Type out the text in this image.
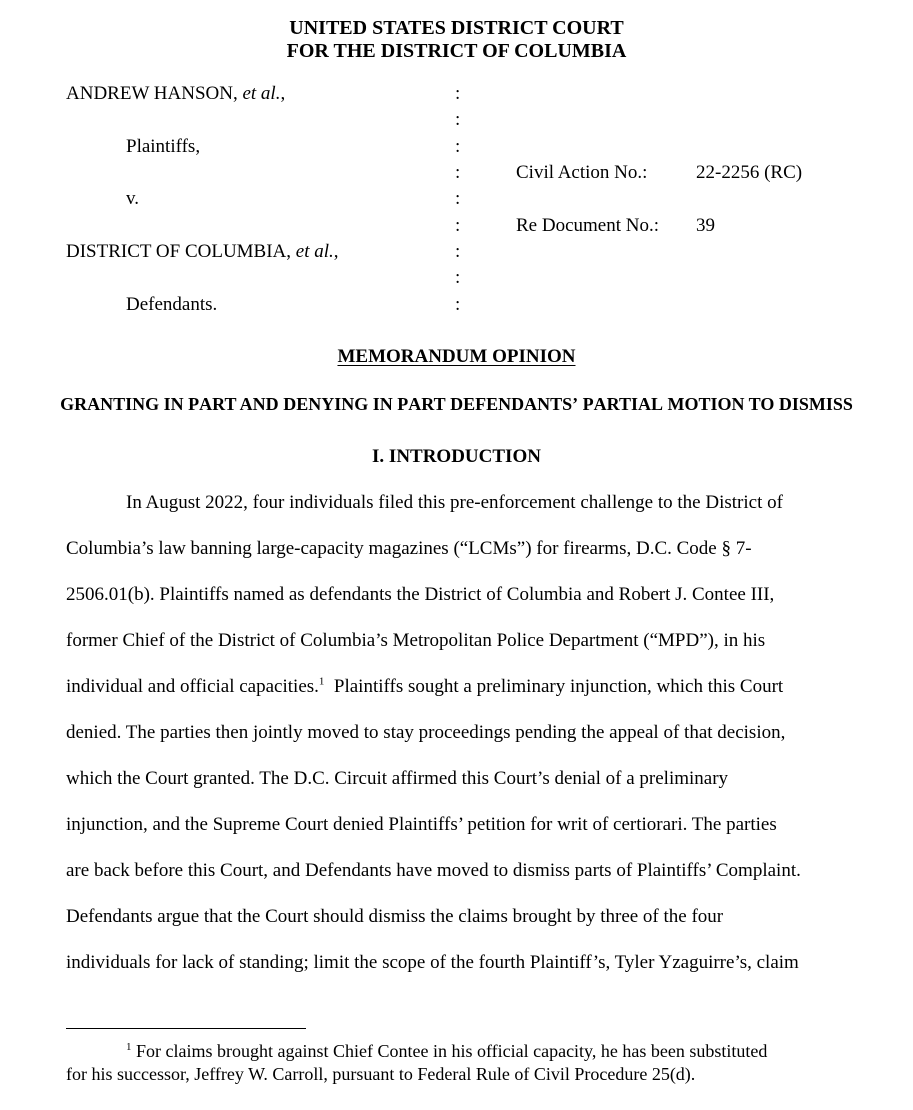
UNITED STATES DISTRICT COURT
FOR THE DISTRICT OF COLUMBIA
ANDREW HANSON, et al.,
Plaintiffs,
v.
DISTRICT OF COLUMBIA, et al.,
Defendants.
:
:
:
:
:
:
:
:
:
Civil Action No.:	22-2256 (RC)
Re Document No.: 39
MEMORANDUM OPINION
GRANTING IN PART AND DENYING IN PART DEFENDANTS’ PARTIAL MOTION TO DISMISS
I. INTRODUCTION
In August 2022, four individuals filed this pre-enforcement challenge to the District of
Columbia’s law banning large-capacity magazines (“LCMs”) for firearms, D.C. Code § 7-
2506.01(b). Plaintiffs named as defendants the District of Columbia and Robert J. Contee III,
former Chief of the District of Columbia’s Metropolitan Police Department (“MPD”), in his
individual and official capacities.$^1$  Plaintiffs sought a preliminary injunction, which this Court
denied. The parties then jointly moved to stay proceedings pending the appeal of that decision,
which the Court granted. The D.C. Circuit affirmed this Court’s denial of a preliminary
injunction, and the Supreme Court denied Plaintiffs’ petition for writ of certiorari. The parties
are back before this Court, and Defendants have moved to dismiss parts of Plaintiffs’ Complaint.
Defendants argue that the Court should dismiss the claims brought by three of the four
individuals for lack of standing; limit the scope of the fourth Plaintiff’s, Tyler Yzaguirre’s, claim
$^1$ For claims brought against Chief Contee in his official capacity, he has been substituted
for his successor, Jeffrey W. Carroll, pursuant to Federal Rule of Civil Procedure 25(d).
